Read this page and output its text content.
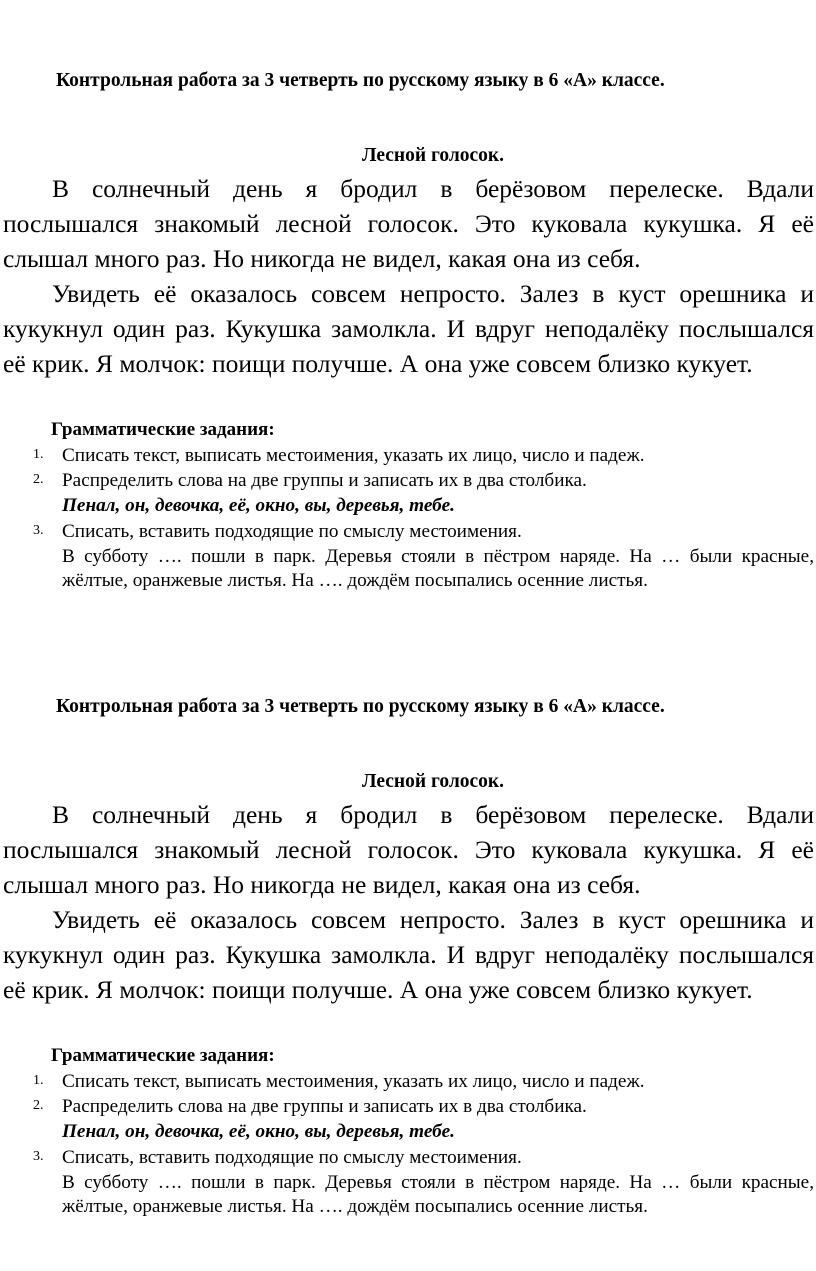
Контрольная работа за 3 четверть по русскому языку в 6 «А» классе.
Лесной голосок.

В солнечный день я бродил в берёзовом перелеске. Вдали послышался знакомый лесной голосок. Это куковала кукушка. Я её слышал много раз. Но никогда не видел, какая она из себя.

Увидеть её оказалось совсем непросто. Залез в куст орешника и кукукнул один раз. Кукушка замолкла. И вдруг неподалёку послышался её крик. Я молчок: поищи получше. А она уже совсем близко кукует.

Грамматические задания:
1. Списать текст, выписать местоимения, указать их лицо, число и падеж.
2. Распределить слова на две группы и записать их в два столбика.
Пенал, он, девочка, её, окно, вы, деревья, тебе.
3. Списать, вставить подходящие по смыслу местоимения.
В субботу …. пошли в парк. Деревья стояли в пёстром наряде. На … были красные, жёлтые, оранжевые листья. На …. дождём посыпались осенние листья.
Контрольная работа за 3 четверть по русскому языку в 6 «А» классе.
Лесной голосок.

В солнечный день я бродил в берёзовом перелеске. Вдали послышался знакомый лесной голосок. Это куковала кукушка. Я её слышал много раз. Но никогда не видел, какая она из себя.

Увидеть её оказалось совсем непросто. Залез в куст орешника и кукукнул один раз. Кукушка замолкла. И вдруг неподалёку послышался её крик. Я молчок: поищи получше. А она уже совсем близко кукует.

Грамматические задания:
1. Списать текст, выписать местоимения, указать их лицо, число и падеж.
2. Распределить слова на две группы и записать их в два столбика.
Пенал, он, девочка, её, окно, вы, деревья, тебе.
3. Списать, вставить подходящие по смыслу местоимения.
В субботу …. пошли в парк. Деревья стояли в пёстром наряде. На … были красные, жёлтые, оранжевые листья. На …. дождём посыпались осенние листья.
